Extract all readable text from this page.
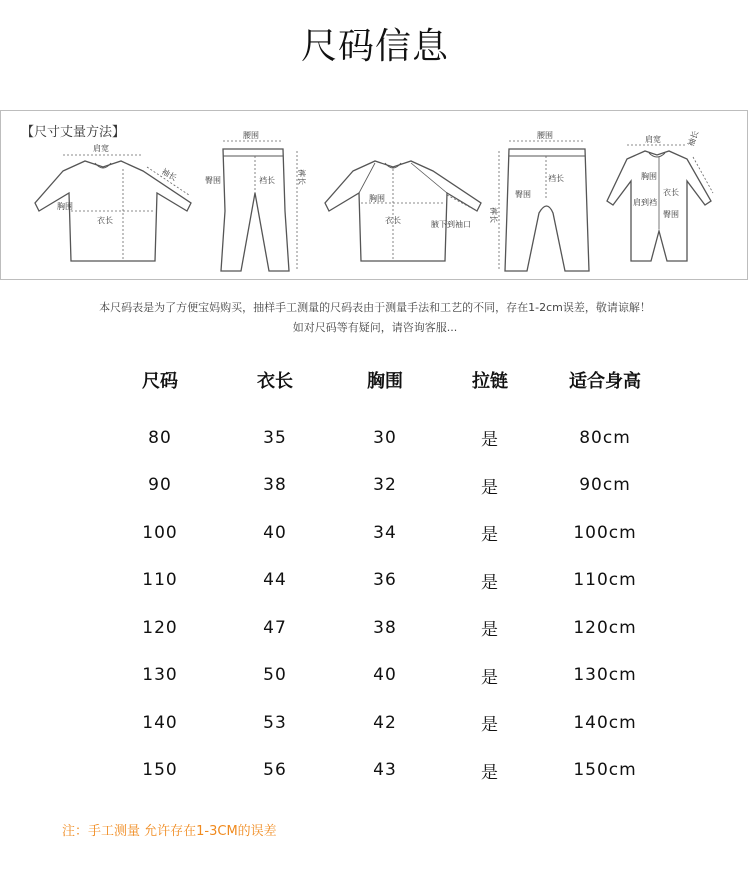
尺码信息
【尺寸丈量方法】
肩宽
袖长
胸围
衣长
腰围
臀围	裤长
裆长
胸围
衣长	腋下到袖口
腰围
裆长
臀围
裤长
肩宽
胸围
袖长
衣长
肩到裆
臀围
本尺码表是为了方便宝妈购买，抽样手工测量的尺码表由于测量手法和工艺的不同，存在1-2cm误差，敬请谅解！
如对尺码等有疑问，请咨询客服...
尺码	衣长	胸围	拉链	适合身高
80	35	30	是	80cm
90	38	32	是	90cm
100	40	34	是	100cm
110	44	36	是	110cm
120	47	38	是	120cm
130	50	40	是	130cm
140	53	42	是	140cm
150	56	43	是	150cm
注：手工测量 允许存在1-3CM的误差
